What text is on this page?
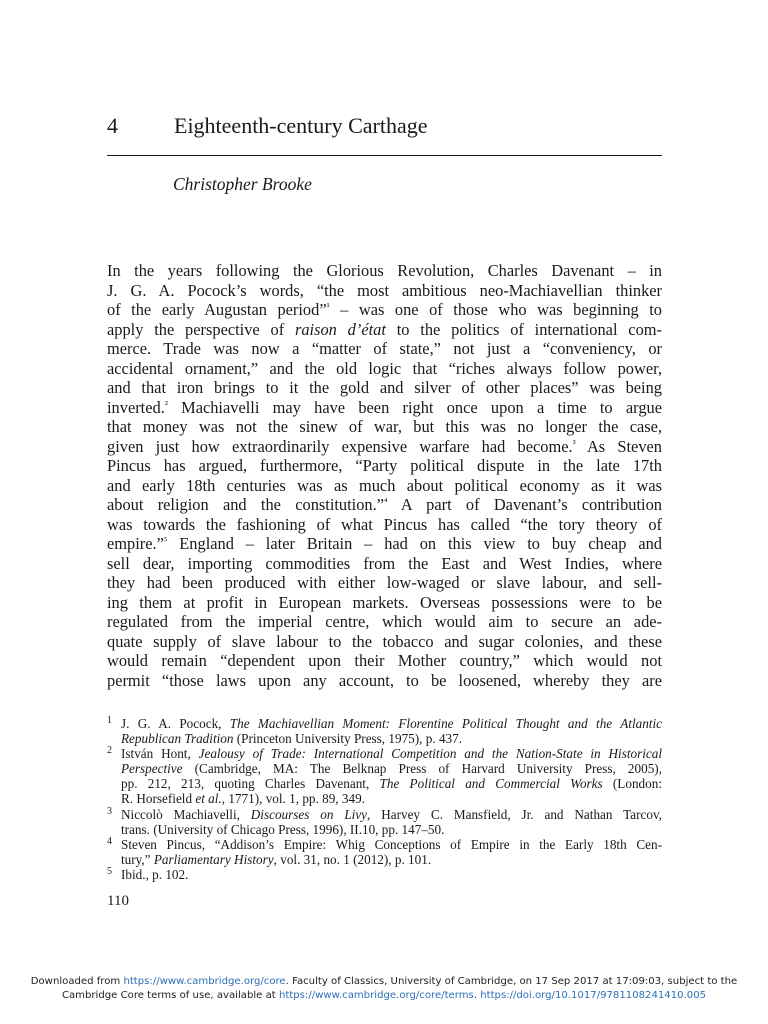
4	Eighteenth-century Carthage
Christopher Brooke
In the years following the Glorious Revolution, Charles Davenant – in
J. G. A. Pocock’s words, “the most ambitious neo-Machiavellian thinker
of the early Augustan period”$^{^1}$ – was one of those who was beginning to
apply the perspective of raison d’état to the politics of international com-
merce. Trade was now a “matter of state,” not just a “conveniency, or
accidental ornament,” and the old logic that “riches always follow power,
and that iron brings to it the gold and silver of other places” was being
inverted.$^{^2}$ Machiavelli may have been right once upon a time to argue
that money was not the sinew of war, but this was no longer the case,
given just how extraordinarily expensive warfare had become.$^{^3}$ As Steven
Pincus has argued, furthermore, “Party political dispute in the late 17th
and early 18th centuries was as much about political economy as it was
about religion and the constitution.”$^{^4}$ A part of Davenant’s contribution
was towards the fashioning of what Pincus has called “the tory theory of
empire.”$^{^5}$ England – later Britain – had on this view to buy cheap and
sell dear, importing commodities from the East and West Indies, where
they had been produced with either low-waged or slave labour, and sell-
ing them at profit in European markets. Overseas possessions were to be
regulated from the imperial centre, which would aim to secure an ade-
quate supply of slave labour to the tobacco and sugar colonies, and these
would remain “dependent upon their Mother country,” which would not
permit “those laws upon any account, to be loosened, whereby they are
1 J. G. A. Pocock, The Machiavellian Moment: Florentine Political Thought and the Atlantic
Republican Tradition (Princeton University Press, 1975), p. 437.
2 István Hont, Jealousy of Trade: International Competition and the Nation-State in Historical
Perspective (Cambridge, MA: The Belknap Press of Harvard University Press, 2005),
pp. 212, 213, quoting Charles Davenant, The Political and Commercial Works (London:
R. Horsefield et al., 1771), vol. 1, pp. 89, 349.
3 Niccolò Machiavelli, Discourses on Livy, Harvey C. Mansfield, Jr. and Nathan Tarcov,
trans. (University of Chicago Press, 1996), II.10, pp. 147–50.
4 Steven Pincus, “Addison’s Empire: Whig Conceptions of Empire in the Early 18th Cen-
tury,” Parliamentary History, vol. 31, no. 1 (2012), p. 101.
5 Ibid., p. 102.
110
Downloaded from https://www.cambridge.org/core. Faculty of Classics, University of Cambridge, on 17 Sep 2017 at 17:09:03, subject to the
Cambridge Core terms of use, available at https://www.cambridge.org/core/terms. https://doi.org/10.1017/9781108241410.005
